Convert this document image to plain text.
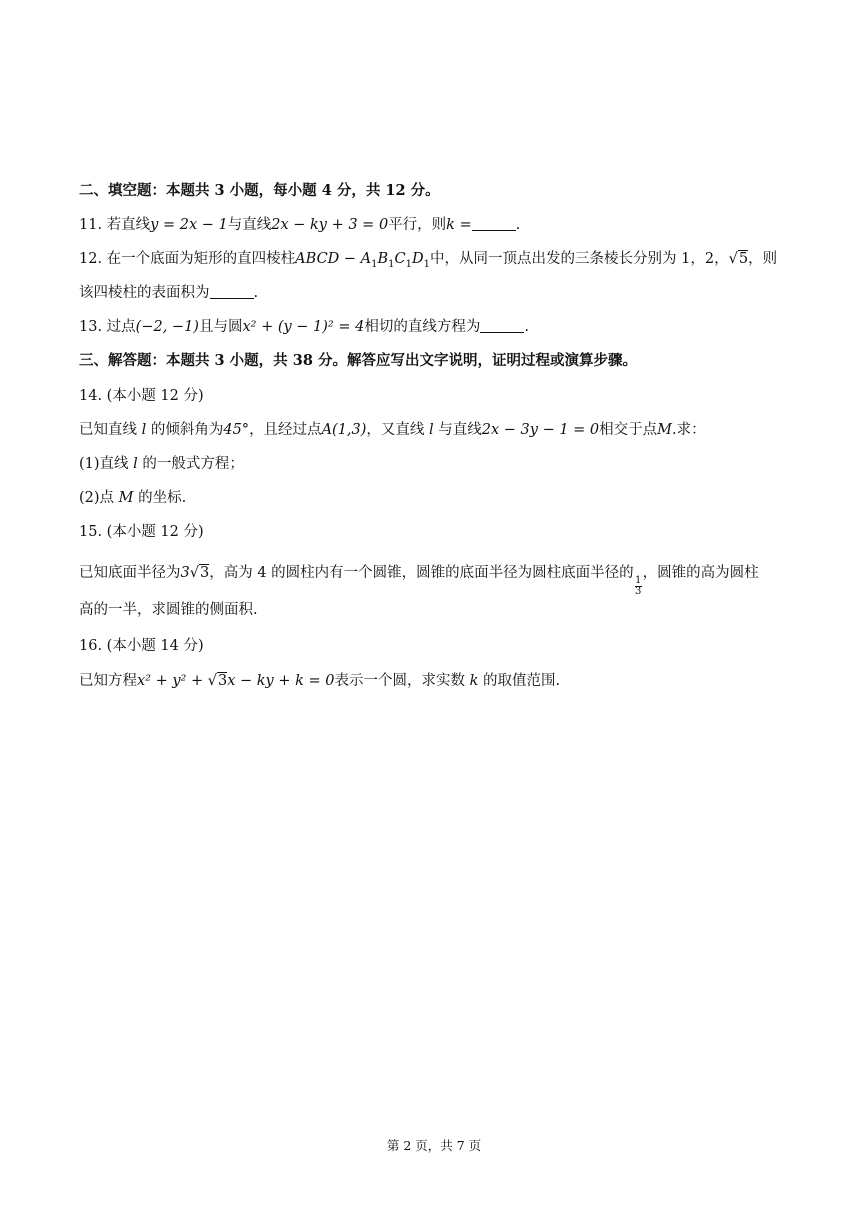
二、填空题：本题共 3 小题，每小题 4 分，共 12 分。
11. 若直线y = 2x − 1与直线2x − ky + 3 = 0平行，则k =	.
12. 在一个底面为矩形的直四棱柱ABCD − $A_1B_1C_1D_1$中，从同一顶点出发的三条棱长分别为 1，2，√5，则
该四棱柱的表面积为	.
13. 过点(−2, −1)且与圆x² + (y − 1)² = 4相切的直线方程为	.
三、解答题：本题共 3 小题，共 38 分。解答应写出文字说明，证明过程或演算步骤。
14. (本小题 12 分)
已知直线 l 的倾斜角为45°，且经过点A(1,3)，又直线 l 与直线2x − 3y − 1 = 0相交于点M.求：
(1)直线 l 的一般式方程；
(2)点 M 的坐标.
15. (本小题 12 分)
已知底面半径为3√3，高为 4 的圆柱内有一个圆锥，圆锥的底面半径为圆柱底面半径的
$\frac{1}{3}$
，圆锥的高为圆柱
高的一半，求圆锥的侧面积.
16. (本小题 14 分)
已知方程x² + y² + √3x − ky + k = 0表示一个圆，求实数 k 的取值范围.
第 2 页，共 7 页
